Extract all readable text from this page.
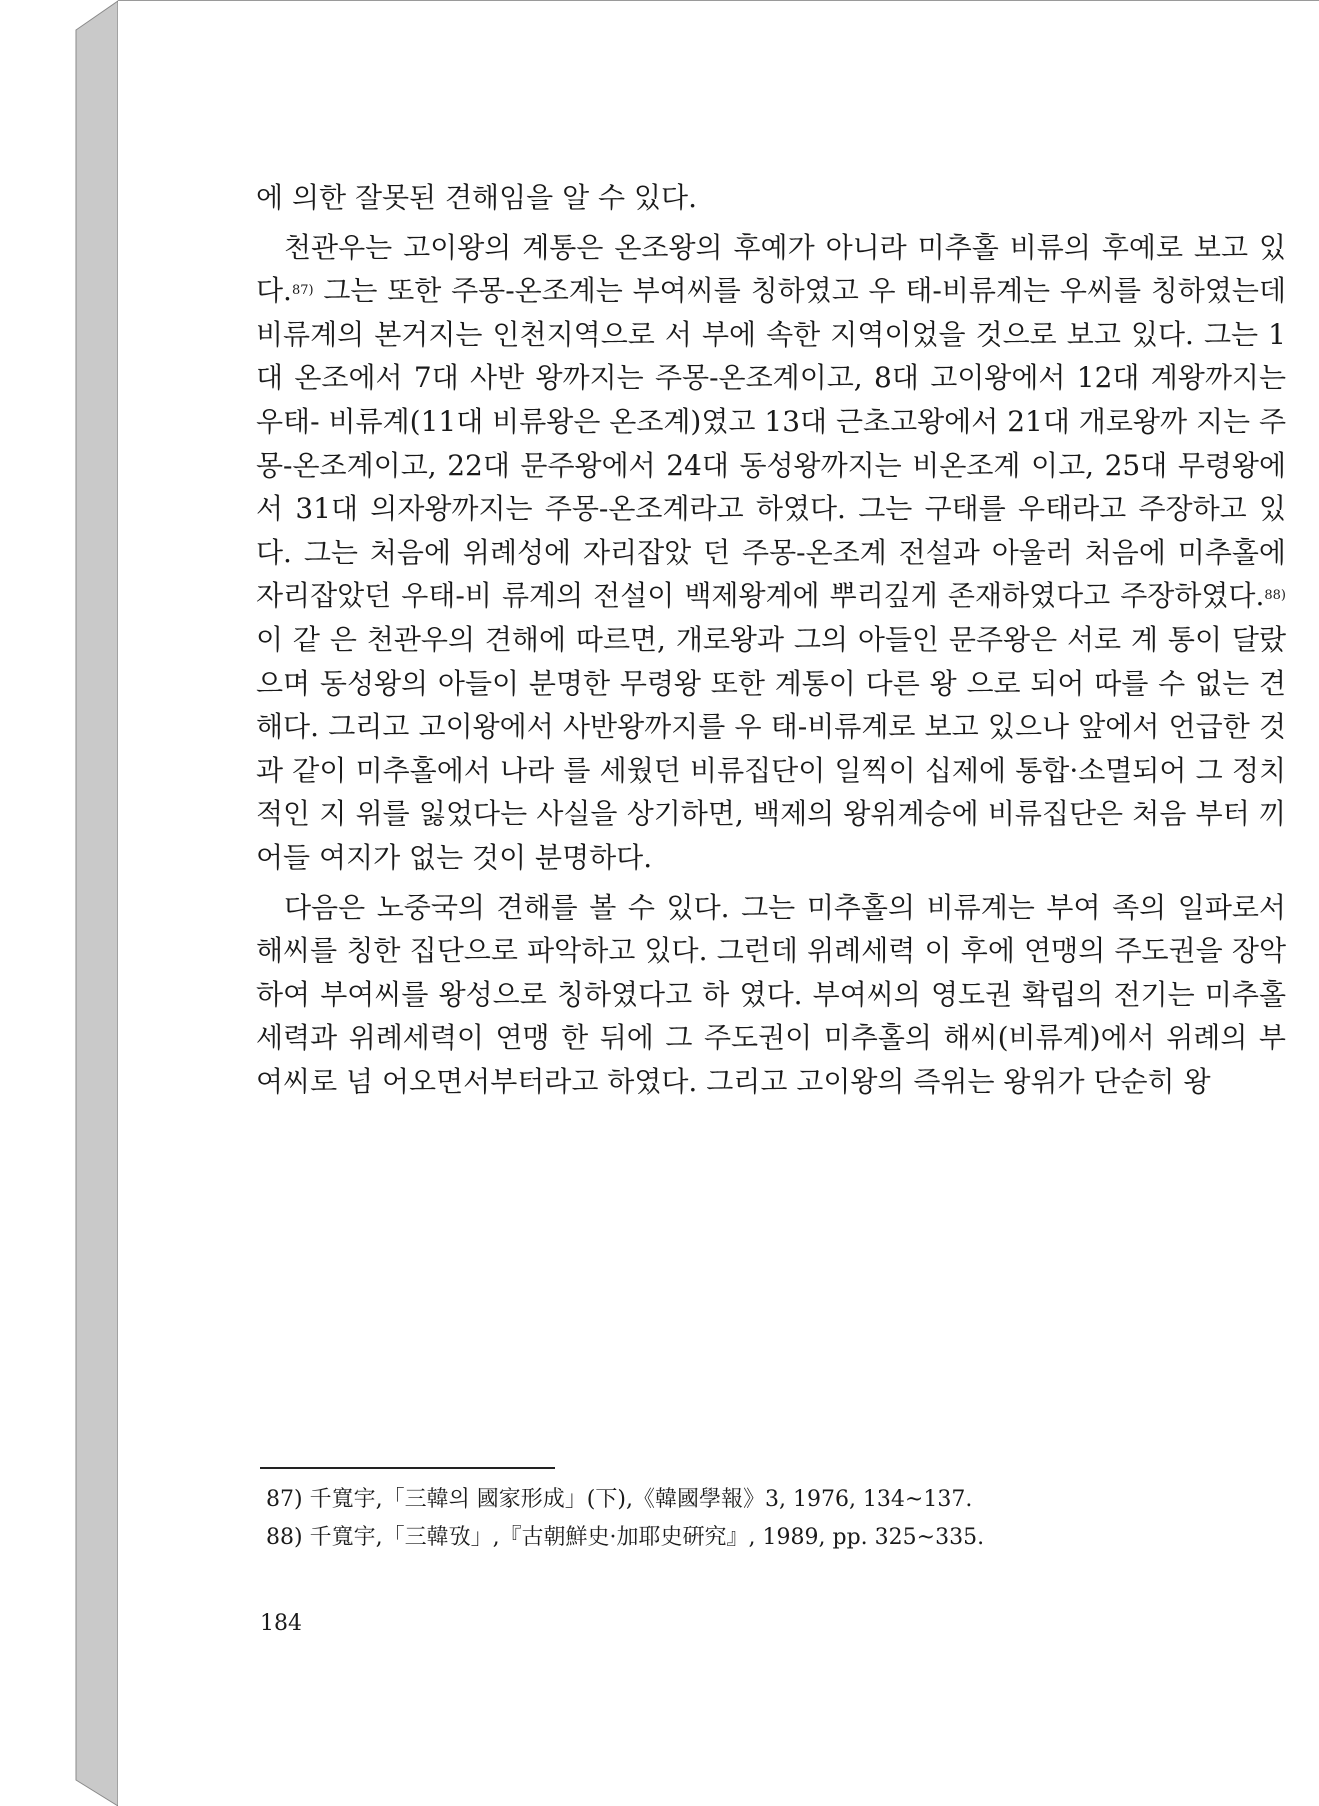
에 의한 잘못된 견해임을 알 수 있다.

천관우는 고이왕의 계통은 온조왕의 후예가 아니라 미추홀 비류의 후예로 보고 있다.$^{87)}$ 그는 또한 주몽-온조계는 부여씨를 칭하였고 우 태-비류계는 우씨를 칭하였는데 비류계의 본거지는 인천지역으로 서 부에 속한 지역이었을 것으로 보고 있다. 그는 1대 온조에서 7대 사반 왕까지는 주몽-온조계이고, 8대 고이왕에서 12대 계왕까지는 우태- 비류계(11대 비류왕은 온조계)였고 13대 근초고왕에서 21대 개로왕까 지는 주몽-온조계이고, 22대 문주왕에서 24대 동성왕까지는 비온조계 이고, 25대 무령왕에서 31대 의자왕까지는 주몽-온조계라고 하였다. 그는 구태를 우태라고 주장하고 있다. 그는 처음에 위례성에 자리잡았 던 주몽-온조계 전설과 아울러 처음에 미추홀에 자리잡았던 우태-비 류계의 전설이 백제왕계에 뿌리깊게 존재하였다고 주장하였다.$^{88)}$ 이 같 은 천관우의 견해에 따르면, 개로왕과 그의 아들인 문주왕은 서로 계 통이 달랐으며 동성왕의 아들이 분명한 무령왕 또한 계통이 다른 왕 으로 되어 따를 수 없는 견해다. 그리고 고이왕에서 사반왕까지를 우 태-비류계로 보고 있으나 앞에서 언급한 것과 같이 미추홀에서 나라 를 세웠던 비류집단이 일찍이 십제에 통합·소멸되어 그 정치적인 지 위를 잃었다는 사실을 상기하면, 백제의 왕위계승에 비류집단은 처음 부터 끼어들 여지가 없는 것이 분명하다.

다음은 노중국의 견해를 볼 수 있다. 그는 미추홀의 비류계는 부여 족의 일파로서 해씨를 칭한 집단으로 파악하고 있다. 그런데 위례세력 이 후에 연맹의 주도권을 장악하여 부여씨를 왕성으로 칭하였다고 하 였다. 부여씨의 영도권 확립의 전기는 미추홀세력과 위례세력이 연맹 한 뒤에 그 주도권이 미추홀의 해씨(비류계)에서 위례의 부여씨로 넘 어오면서부터라고 하였다. 그리고 고이왕의 즉위는 왕위가 단순히 왕

87) 千寬宇,「三韓의 國家形成」(下),《韓國學報》3, 1976, 134~137.

88) 千寬宇,「三韓攷」,『古朝鮮史·加耶史硏究』, 1989, pp. 325~335.

184
